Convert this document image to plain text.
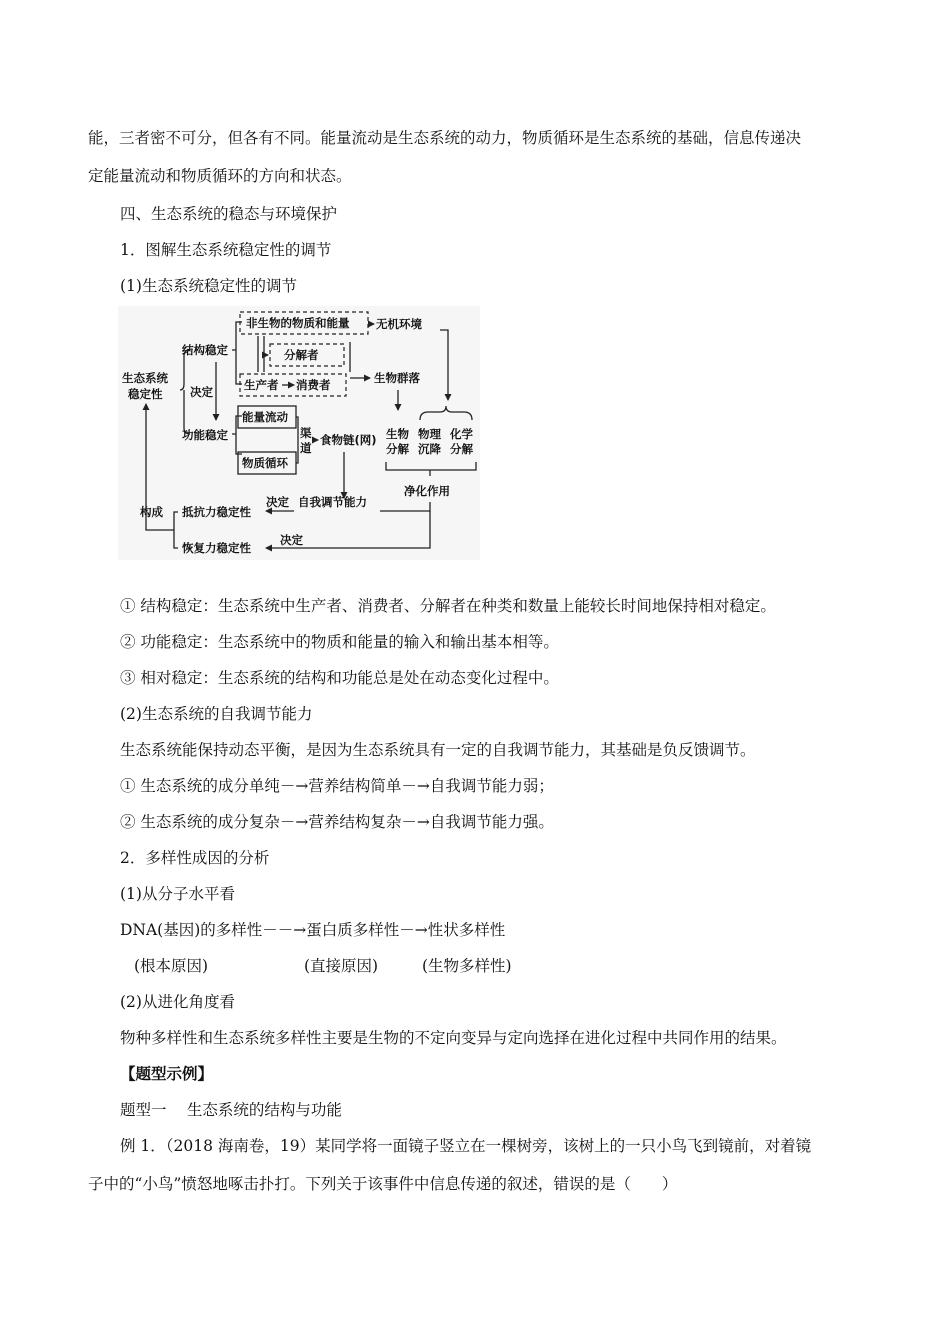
能，三者密不可分，但各有不同。能量流动是生态系统的动力，物质循环是生态系统的基础，信息传递决
定能量流动和物质循环的方向和状态。
四、生态系统的稳态与环境保护
1．图解生态系统稳定性的调节
(1)生态系统稳定性的调节
生态系统
稳定性
结构稳定
决定
功能稳定
非生物的物质和能量
生产者 消费者
分解者
无机环境
生物群落
能量流动
物质循环
渠
道
食物链(网) 生物
分解
物理
沉降
化学
分解
净化作用
自我调节能力
决定
抵抗力稳定性
决定
恢复力稳定性
构成
① 结构稳定：生态系统中生产者、消费者、分解者在种类和数量上能较长时间地保持相对稳定。
② 功能稳定：生态系统中的物质和能量的输入和输出基本相等。
③ 相对稳定：生态系统的结构和功能总是处在动态变化过程中。
(2)生态系统的自我调节能力
生态系统能保持动态平衡，是因为生态系统具有一定的自我调节能力，其基础是负反馈调节。
① 生态系统的成分单纯－→营养结构简单－→自我调节能力弱；
② 生态系统的成分复杂－→营养结构复杂－→自我调节能力强。
2．多样性成因的分析
(1)从分子水平看
DNA(基因)的多样性－－→蛋白质多样性－→性状多样性
(根本原因)	(直接原因)	(生物多样性)
(2)从进化角度看
物种多样性和生态系统多样性主要是生物的不定向变异与定向选择在进化过程中共同作用的结果。
【题型示例】
题型一　 生态系统的结构与功能
例 1．（2018 海南卷，19）某同学将一面镜子竖立在一棵树旁，该树上的一只小鸟飞到镜前，对着镜
子中的“小鸟”愤怒地啄击扑打。下列关于该事件中信息传递的叙述，错误的是（　　）
